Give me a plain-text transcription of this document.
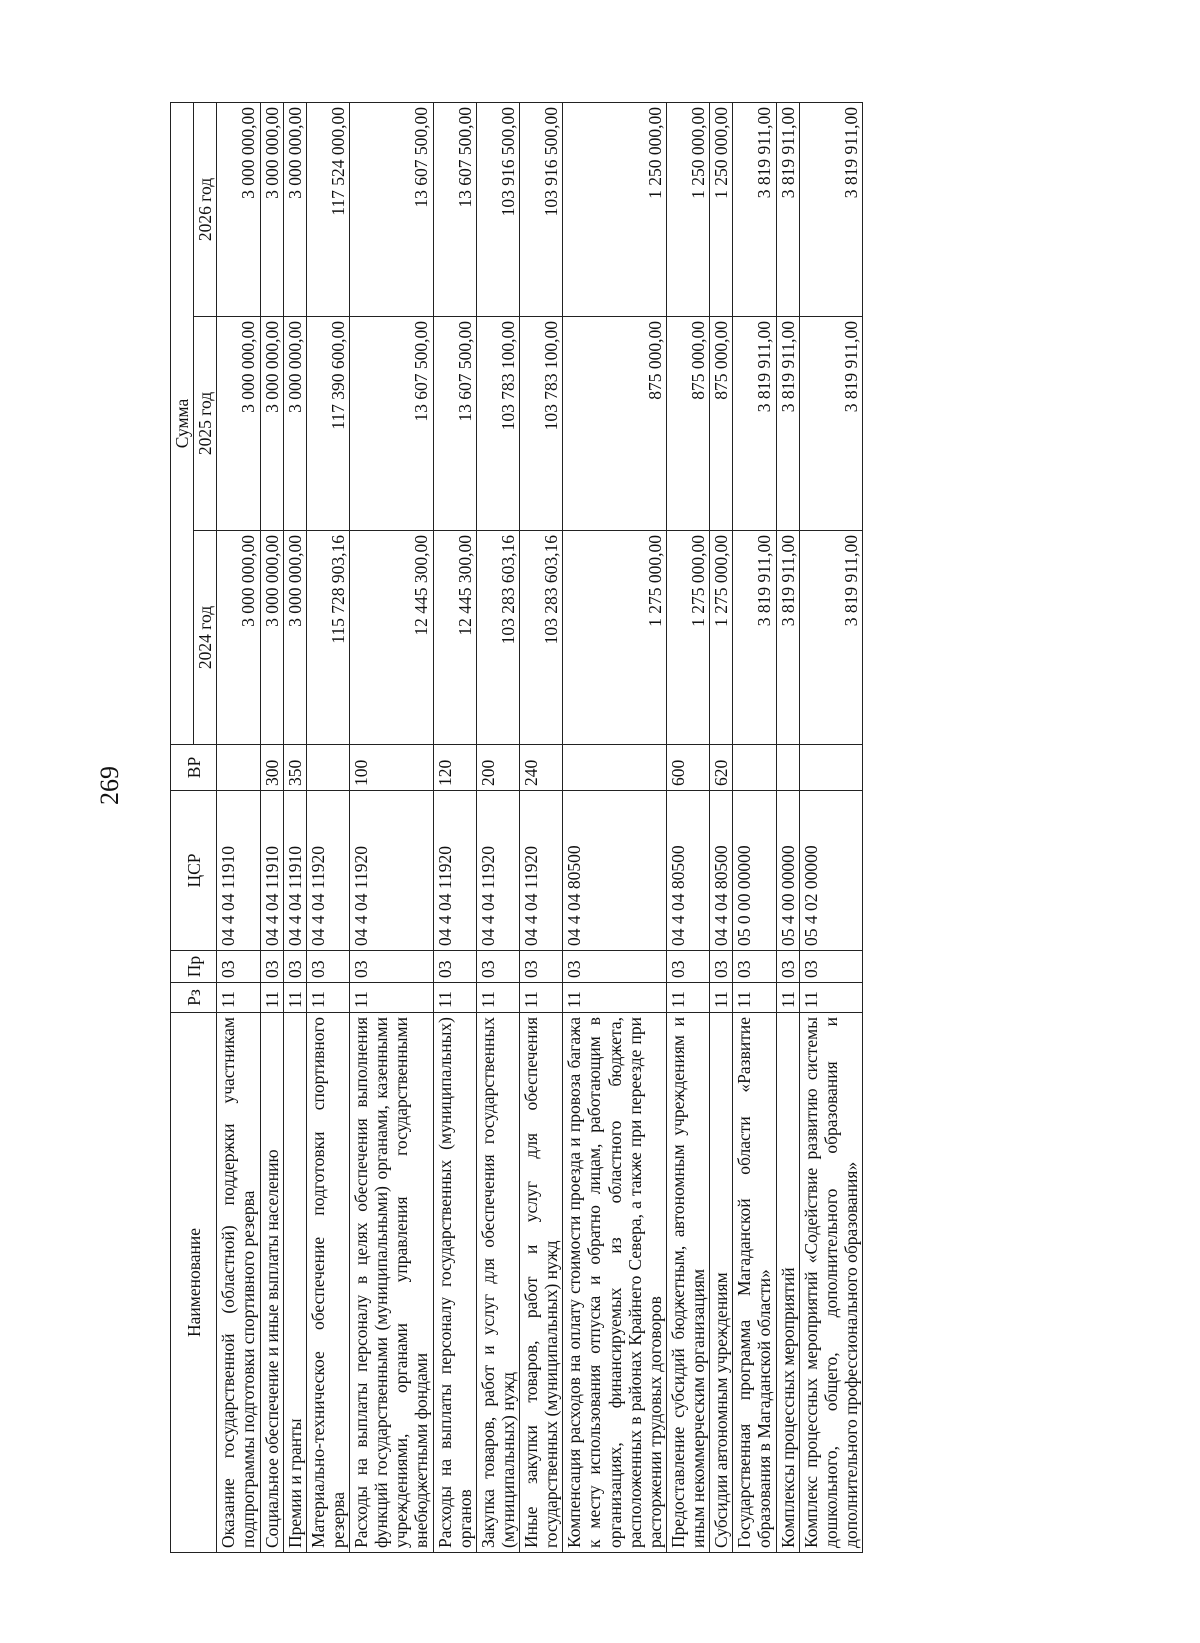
269
Наименование	Рз	Пр	ЦСР	ВР	Сумма		
					2024 год	2025 год	2026 год
Оказание государственной (областной) поддержки участникам подпрограммы подготовки спортивного резерва	11	03	04 4 04 11910		3 000 000,00	3 000 000,00	3 000 000,00
Социальное обеспечение и иные выплаты населению	11	03	04 4 04 11910	300	3 000 000,00	3 000 000,00	3 000 000,00
Премии и гранты	11	03	04 4 04 11910	350	3 000 000,00	3 000 000,00	3 000 000,00
Материально-техническое обеспечение подготовки спортивного резерва	11	03	04 4 04 11920		115 728 903,16	117 390 600,00	117 524 000,00
Расходы на выплаты персоналу в целях обеспечения выполнения функций государственными (муниципальными) органами, казенными учреждениями, органами управления государственными внебюджетными фондами	11	03	04 4 04 11920	100	12 445 300,00	13 607 500,00	13 607 500,00
Расходы на выплаты персоналу государственных (муниципальных) органов	11	03	04 4 04 11920	120	12 445 300,00	13 607 500,00	13 607 500,00
Закупка товаров, работ и услуг для обеспечения государственных (муниципальных) нужд	11	03	04 4 04 11920	200	103 283 603,16	103 783 100,00	103 916 500,00
Иные закупки товаров, работ и услуг для обеспечения государственных (муниципальных) нужд	11	03	04 4 04 11920	240	103 283 603,16	103 783 100,00	103 916 500,00
Компенсация расходов на оплату стоимости проезда и провоза багажа к месту использования отпуска и обратно лицам, работающим в организациях, финансируемых из областного бюджета, расположенных в районах Крайнего Севера, а также при переезде при расторжении трудовых договоров	11	03	04 4 04 80500		1 275 000,00	875 000,00	1 250 000,00
Предоставление субсидий бюджетным, автономным учреждениям и иным некоммерческим организациям	11	03	04 4 04 80500	600	1 275 000,00	875 000,00	1 250 000,00
Субсидии автономным учреждениям	11	03	04 4 04 80500	620	1 275 000,00	875 000,00	1 250 000,00
Государственная программа Магаданской области «Развитие образования в Магаданской области»	11	03	05 0 00 00000		3 819 911,00	3 819 911,00	3 819 911,00
Комплексы процессных мероприятий	11	03	05 4 00 00000		3 819 911,00	3 819 911,00	3 819 911,00
Комплекс процессных мероприятий «Содействие развитию системы дошкольного, общего, дополнительного образования и дополнительного профессионального образования»	11	03	05 4 02 00000		3 819 911,00	3 819 911,00	3 819 911,00
